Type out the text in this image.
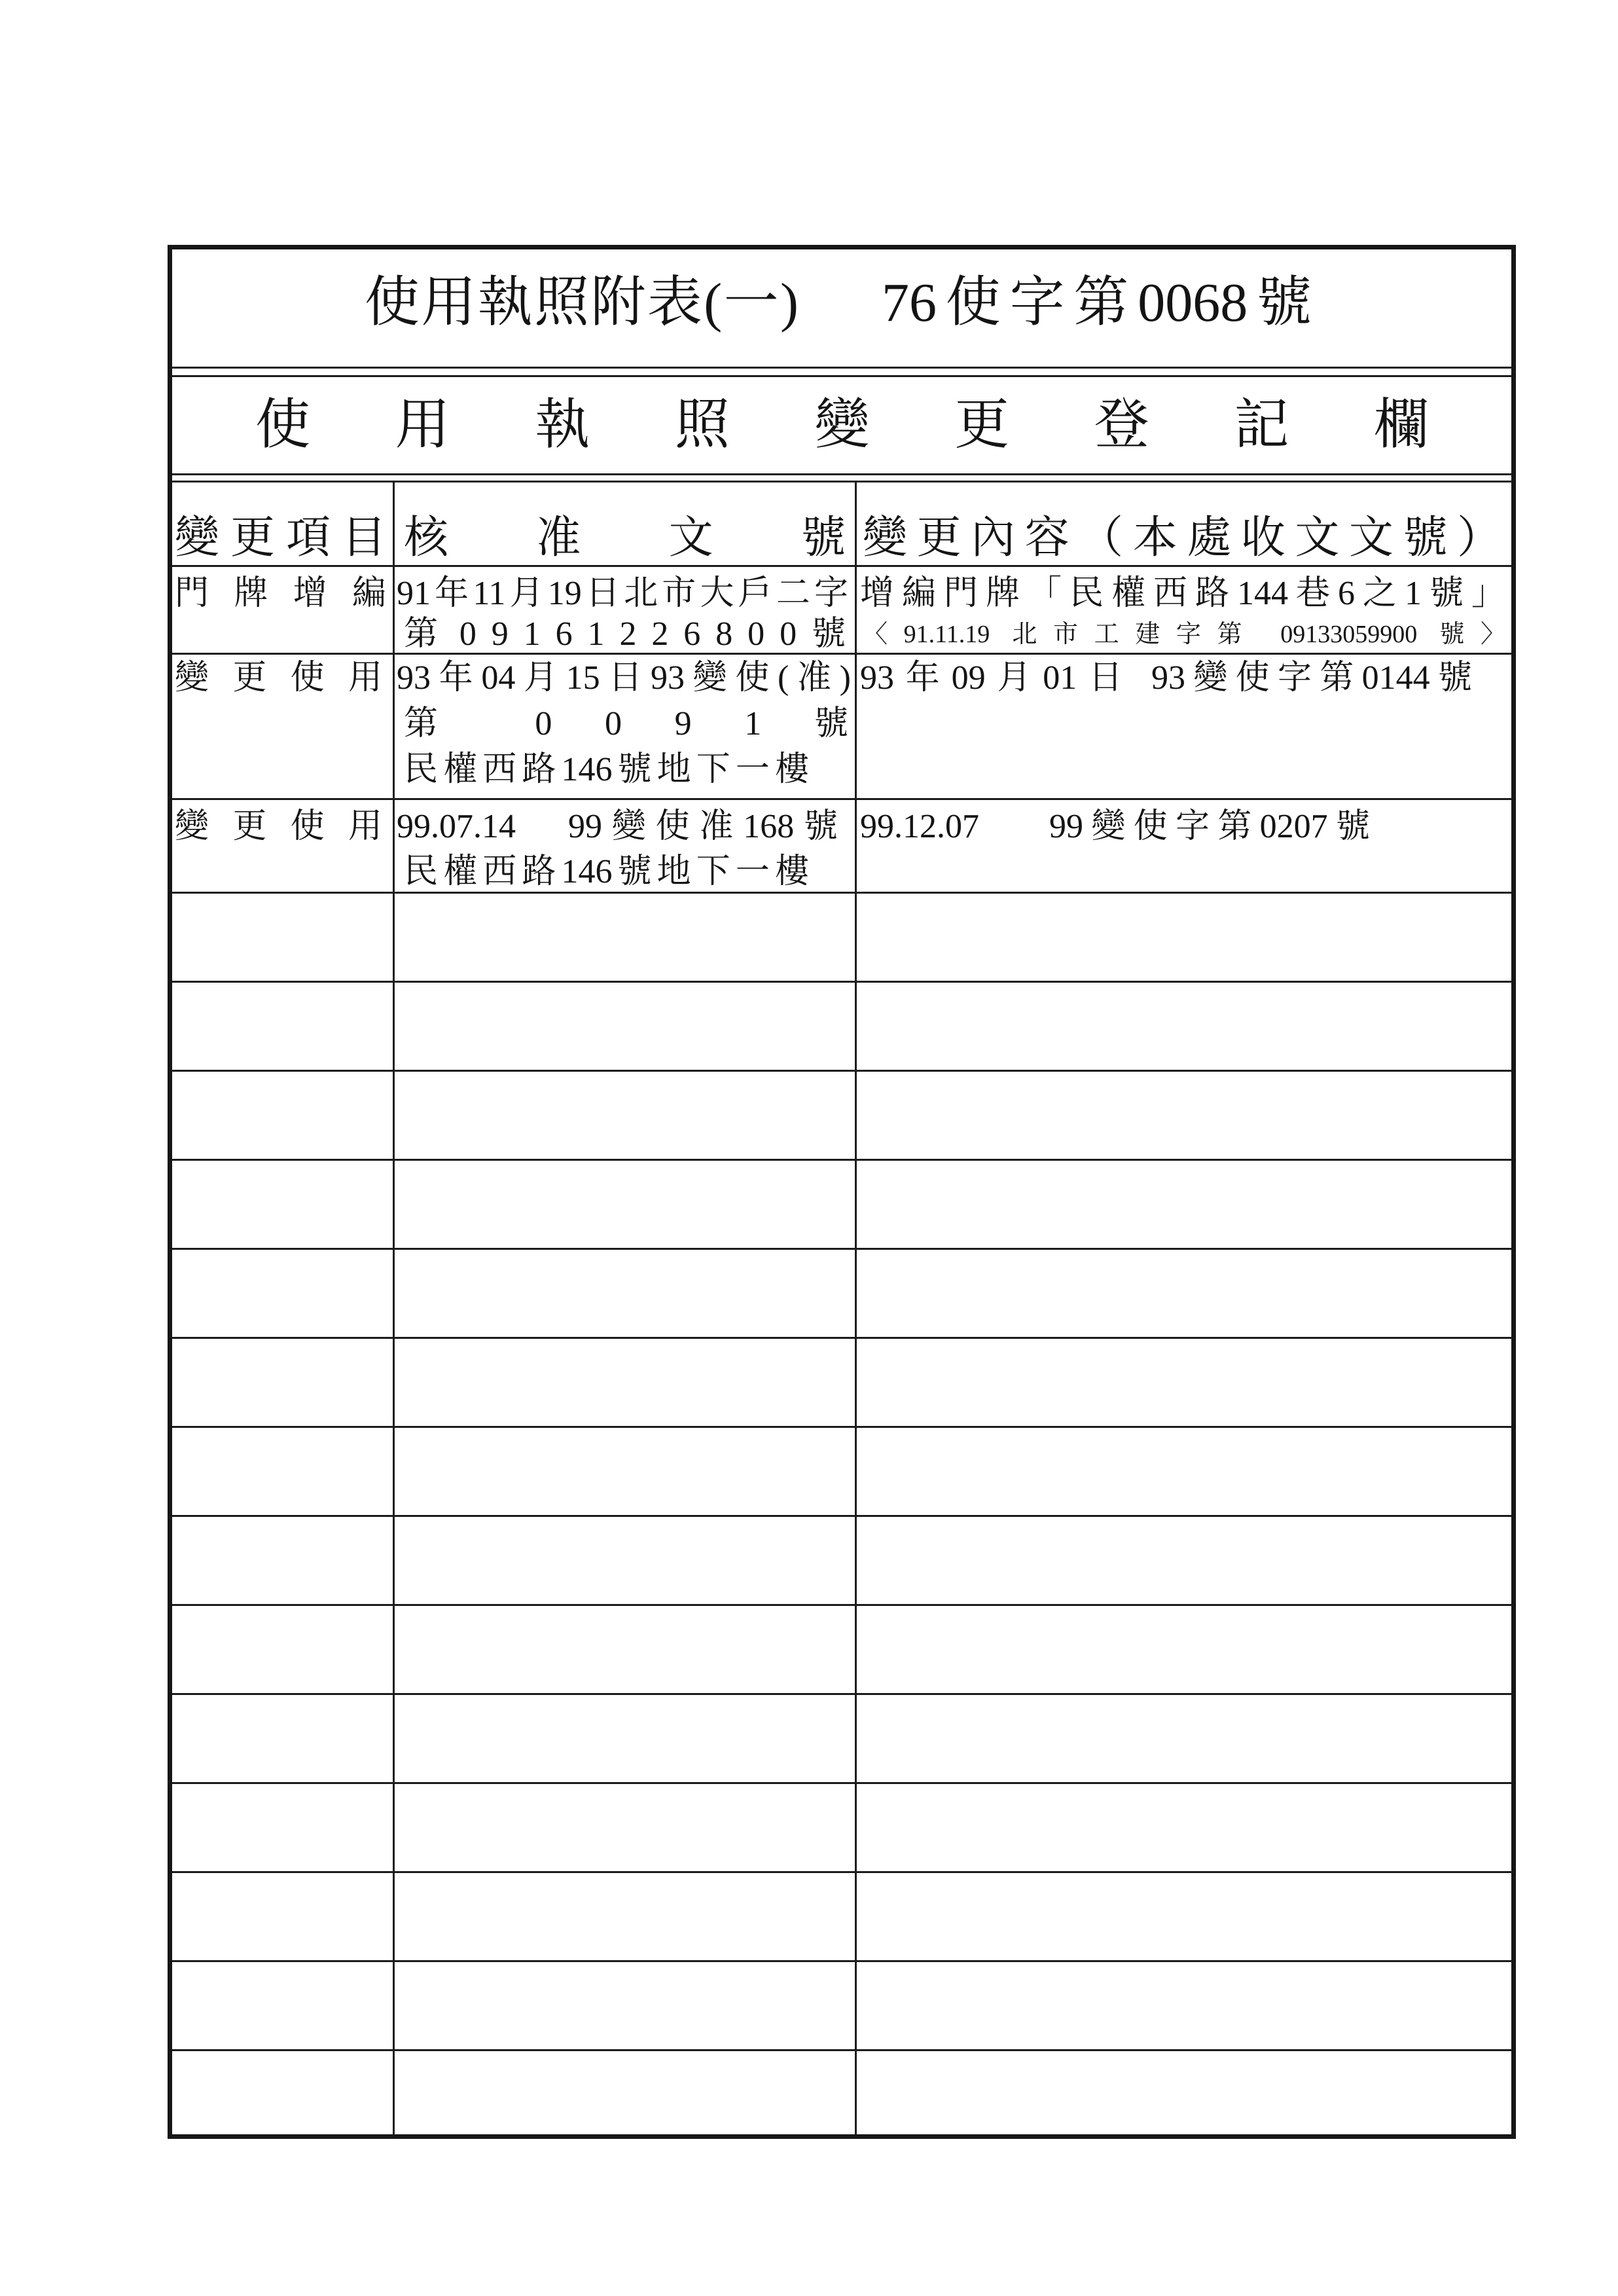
使用執照附表(一) 76使字第0068號
使用執照變更登記欄
變更項目 核准文號 變更內容（本處收文文號）
門牌增編 91年11月19日北市大戶二字
第 0 9 1 6 1 2 2 6 8 0 0 號
增編門牌「民權西路144巷6之1號」
〈91.11.19 北市工建字第 09133059900 號〉
變更使用 93年04月15日93變使(准)
第 0 0 9 1 號
民權西路146號地下一樓
93年09月01日 93變使字第0144號
變更使用 99.07.14	99變使准168號
民權西路146號地下一樓
99.12.07	99變使字第0207號
